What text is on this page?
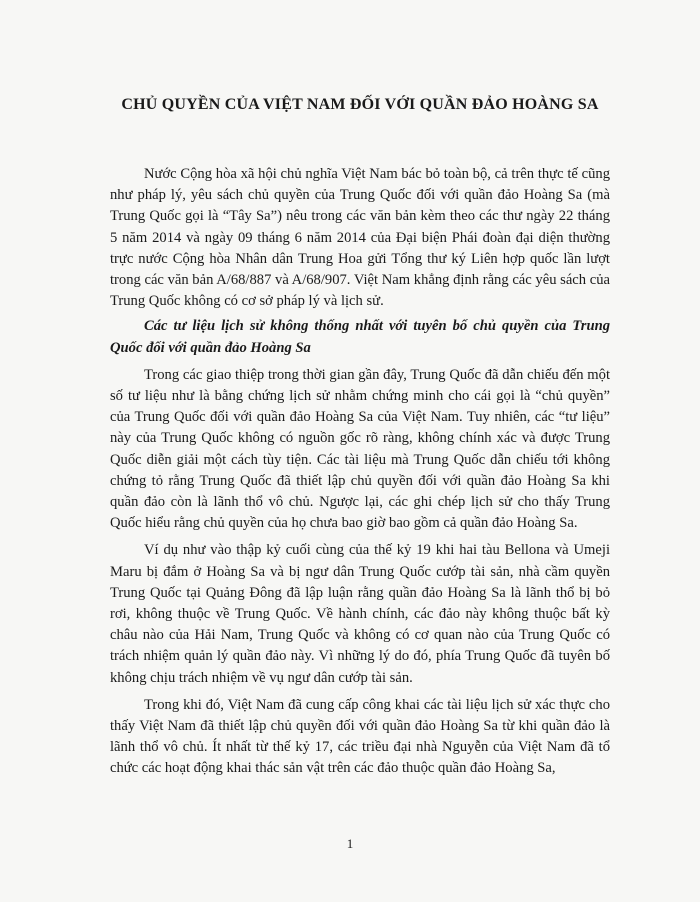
CHỦ QUYỀN CỦA VIỆT NAM ĐỐI VỚI QUẦN ĐẢO HOÀNG SA

Nước Cộng hòa xã hội chủ nghĩa Việt Nam bác bỏ toàn bộ, cả trên thực tế cũng như pháp lý, yêu sách chủ quyền của Trung Quốc đối với quần đảo Hoàng Sa (mà Trung Quốc gọi là “Tây Sa”) nêu trong các văn bản kèm theo các thư ngày 22 tháng 5 năm 2014 và ngày 09 tháng 6 năm 2014 của Đại biện Phái đoàn đại diện thường trực nước Cộng hòa Nhân dân Trung Hoa gửi Tổng thư ký Liên hợp quốc lần lượt trong các văn bản A/68/887 và A/68/907. Việt Nam khẳng định rằng các yêu sách của Trung Quốc không có cơ sở pháp lý và lịch sử.

Các tư liệu lịch sử không thống nhất với tuyên bố chủ quyền của Trung Quốc đối với quần đảo Hoàng Sa

Trong các giao thiệp trong thời gian gần đây, Trung Quốc đã dẫn chiếu đến một số tư liệu như là bằng chứng lịch sử nhằm chứng minh cho cái gọi là “chủ quyền” của Trung Quốc đối với quần đảo Hoàng Sa của Việt Nam. Tuy nhiên, các “tư liệu” này của Trung Quốc không có nguồn gốc rõ ràng, không chính xác và được Trung Quốc diễn giải một cách tùy tiện. Các tài liệu mà Trung Quốc dẫn chiếu tới không chứng tỏ rằng Trung Quốc đã thiết lập chủ quyền đối với quần đảo Hoàng Sa khi quần đảo còn là lãnh thổ vô chủ. Ngược lại, các ghi chép lịch sử cho thấy Trung Quốc hiểu rằng chủ quyền của họ chưa bao giờ bao gồm cả quần đảo Hoàng Sa.

Ví dụ như vào thập kỷ cuối cùng của thế kỷ 19 khi hai tàu Bellona và Umeji Maru bị đắm ở Hoàng Sa và bị ngư dân Trung Quốc cướp tài sản, nhà cầm quyền Trung Quốc tại Quảng Đông đã lập luận rằng quần đảo Hoàng Sa là lãnh thổ bị bỏ rơi, không thuộc về Trung Quốc. Về hành chính, các đảo này không thuộc bất kỳ châu nào của Hải Nam, Trung Quốc và không có cơ quan nào của Trung Quốc có trách nhiệm quản lý quần đảo này. Vì những lý do đó, phía Trung Quốc đã tuyên bố không chịu trách nhiệm về vụ ngư dân cướp tài sản.

Trong khi đó, Việt Nam đã cung cấp công khai các tài liệu lịch sử xác thực cho thấy Việt Nam đã thiết lập chủ quyền đối với quần đảo Hoàng Sa từ khi quần đảo là lãnh thổ vô chủ. Ít nhất từ thế kỷ 17, các triều đại nhà Nguyễn của Việt Nam đã tổ chức các hoạt động khai thác sản vật trên các đảo thuộc quần đảo Hoàng Sa,

1
